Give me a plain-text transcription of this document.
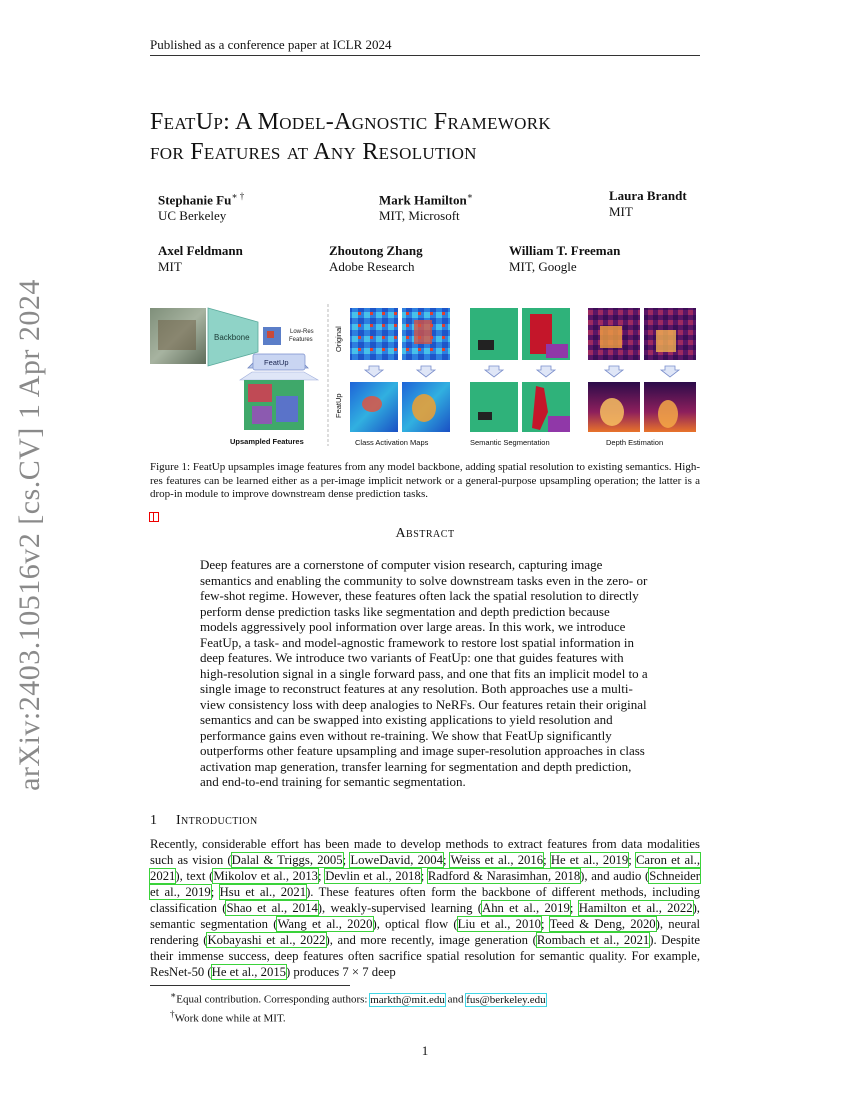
Published as a conference paper at ICLR 2024
arXiv:2403.10516v2 [cs.CV] 1 Apr 2024
FeatUp: A Model-Agnostic Framework
for Features at Any Resolution
Stephanie Fu∗ †
UC Berkeley
Mark Hamilton∗
MIT, Microsoft
Laura Brandt
MIT
Axel Feldmann
MIT
Zhoutong Zhang
Adobe Research
William T. Freeman
MIT, Google
Backbone
Low-Res Features
FeatUp
Upsampled Features
Original
FeatUp
Class Activation Maps	Semantic Segmentation	Depth Estimation
Figure 1: FeatUp upsamples image features from any model backbone, adding spatial resolution to existing semantics. High-res features can be learned either as a per-image implicit network or a general-purpose upsampling operation; the latter is a drop-in module to improve downstream dense prediction tasks.
Abstract

Deep features are a cornerstone of computer vision research, capturing image semantics and enabling the community to solve downstream tasks even in the zero- or few-shot regime. However, these features often lack the spatial resolution to directly perform dense prediction tasks like segmentation and depth prediction because models aggressively pool information over large areas. In this work, we introduce FeatUp, a task- and model-agnostic framework to restore lost spatial information in deep features. We introduce two variants of FeatUp: one that guides features with high-resolution signal in a single forward pass, and one that fits an implicit model to a single image to reconstruct features at any resolution. Both approaches use a multi-view consistency loss with deep analogies to NeRFs. Our features retain their original semantics and can be swapped into existing applications to yield resolution and performance gains even without re-training. We show that FeatUp significantly outperforms other feature upsampling and image super-resolution approaches in class activation map generation, transfer learning for segmentation and depth prediction, and end-to-end training for semantic segmentation.

1 Introduction

Recently, considerable effort has been made to develop methods to extract features from data modalities such as vision (Dalal & Triggs, 2005; LoweDavid, 2004; Weiss et al., 2016; He et al., 2019; Caron et al., 2021), text (Mikolov et al., 2013; Devlin et al., 2018; Radford & Narasimhan, 2018), and audio (Schneider et al., 2019; Hsu et al., 2021). These features often form the backbone of different methods, including classification (Shao et al., 2014), weakly-supervised learning (Ahn et al., 2019; Hamilton et al., 2022), semantic segmentation (Wang et al., 2020), optical flow (Liu et al., 2010; Teed & Deng, 2020), neural rendering (Kobayashi et al., 2022), and more recently, image generation (Rombach et al., 2021). Despite their immense success, deep features often sacrifice spatial resolution for semantic quality. For example, ResNet-50 (He et al., 2015) produces 7 × 7 deep

∗Equal contribution. Corresponding authors: markth@mit.edu and fus@berkeley.edu
†Work done while at MIT.
1
